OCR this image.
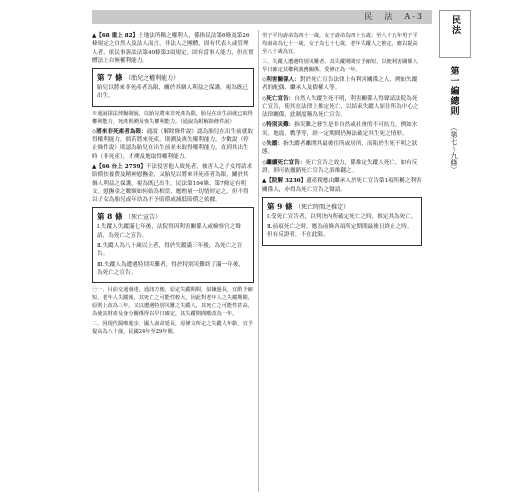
民　法　A-3

▲【68 重上 82】土地法所稱之權利人，係指民法第6條及第26條規定之自然人及法人而言，非法人之團體，固有代表人或管理人者，依民事訴訟法第40條第3項規定，固有當事人能力，但在實體法上自無權利能力。

第 7 條 （胎兒之權利能力）

胎兒以將來非死產者為限，關於其個人利益之保護，視為既已出生。

※通說採法律擬制說，以胎兒將來非死產為限，胎兒在出生前就已取得權利能力，死產則溯及喪失權利能力。（通說為附解除條件說）

◇將來非死產者為限：通說（解除條件說）認為胎兒在出生前就取得權利能力，倘若將來死產，則溯及喪失權利能力。少數說（停止條件說）則認為胎兒在出生前並未取得權利能力，直到其出生時（非死產），才溯及地取得權利能力。

▲【66 台上 2759】不法侵害他人致死者，被害人之子女得請求賠償扶養費及精神慰撫金，又胎兒以將來非死產者為限，關於其個人利益之保護，視為既已出生。民法第194條、第7條定有明文。慰撫金之數額如何始為相當，應酌量一切情形定之，但不得以子女為胎兒或年幼為不予賠償或減低賠償之依據。

第 8 條 （死亡宣告）

Ⅰ.失蹤人失蹤滿七年後，法院得因利害關係人或檢察官之聲請，為死亡之宣告。

Ⅱ.失蹤人為八十歲以上者，得於失蹤滿三年後，為死亡之宣告。

Ⅲ.失蹤人為遭遇特別災難者，得於特別災難終了滿一年後，為死亡之宣告。

㊀一、目前交通發達，通訊方便，原定失蹤期間，似嫌過長，宜酌予縮短。老年人失蹤後，其死亡之可能性較大，因此對老年人之失蹤期間，原則上改為三年。又以遭遇特別災難之失蹤人，其死亡之可能性甚高，為使其財產及身分關係得以早日確定，其失蹤期間應改為一年。

二、因現代醫療進步，國人壽命延長，原條文所定之失蹤人年齡，宜予提高為八十歲，民國24年至29年間。

男子平均壽命為四十一歲，女子壽命為四十五歲；至八十五年男子平均壽命為七十一歲，女子為七十七歲，老年失蹤人之推定，應以提高至八十歲為宜。

三、失蹤人遭遇特別災難者，其失蹤期間宜予縮短，以便利害關係人早日確定其權利義務關係，爰修正為一年。

◇利害關係人：對於死亡宣告法律上有利害關係之人，例如失蹤者的配偶、繼承人及債權人等。

◇死亡宣告：自然人失蹤生死不明，利害關係人得聲請法院為死亡宣告，使其在法律上推定死亡，以結束失蹤人原住所為中心之法律關係，此制度稱為死亡宣告。

◇特別災難：指災難之發生是非自然或社會的不可抗力，例如水災、地震、戰爭等，經一定期間仍無法確定其生死之情形。

◇失蹤：指失蹤者離開其最後住所或居所，而陷於生死不明之狀態。

◇繼續死亡宣告：死亡宣告之效力，係推定失蹤人死亡，如有反證，則可依撤銷死亡宣告之訴推翻之。

▲【院解 3230】遺產稅應由繼承人於死亡宣告第1項所稱之利害關係人，亦得為死亡宣告之聲請。

第 9 條 （死亡時間之推定）

Ⅰ.受死亡宣告者，以判決內所確定死亡之時，推定其為死亡。

Ⅱ.前項死亡之時，應為前條各項所定期間最後日終止之時。但有反證者，不在此限。

民法
第一編總則
（第七～九條）
